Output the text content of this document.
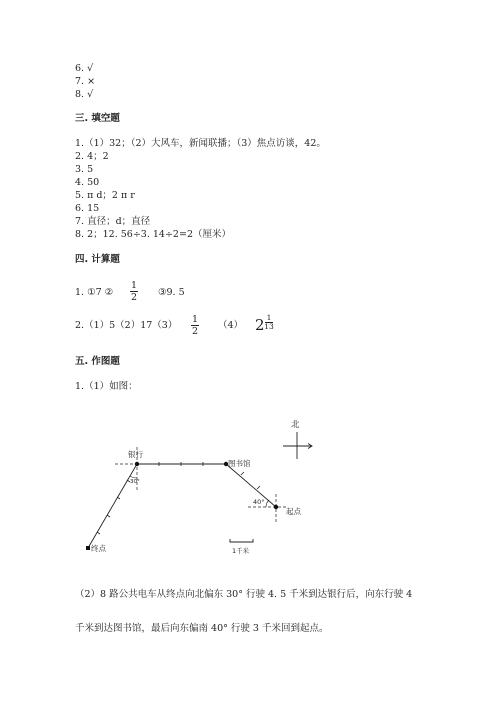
6. √
7. ×
8. √
三. 填空题
1.（1）32；（2）大风车，新闻联播；（3）焦点访谈，42。
2. 4；2
3. 5
4. 50
5. π d；2 π r
6. 15
7. 直径；d；直径
8. 2；12. 56÷3. 14÷2=2（厘米）
四. 计算题
1. ①7 ②
1
2 ③9. 5
2.（1）5（2）17（3）
1
2
（4） 2 1
13
五. 作图题
1.（1）如图：
北
银行
图书馆
起点
终点
30°
40°
1千米
（2）8 路公共电车从终点向北偏东 30° 行驶 4. 5 千米到达银行后，向东行驶 4
千米到达图书馆，最后向东偏南 40° 行驶 3 千米回到起点。
